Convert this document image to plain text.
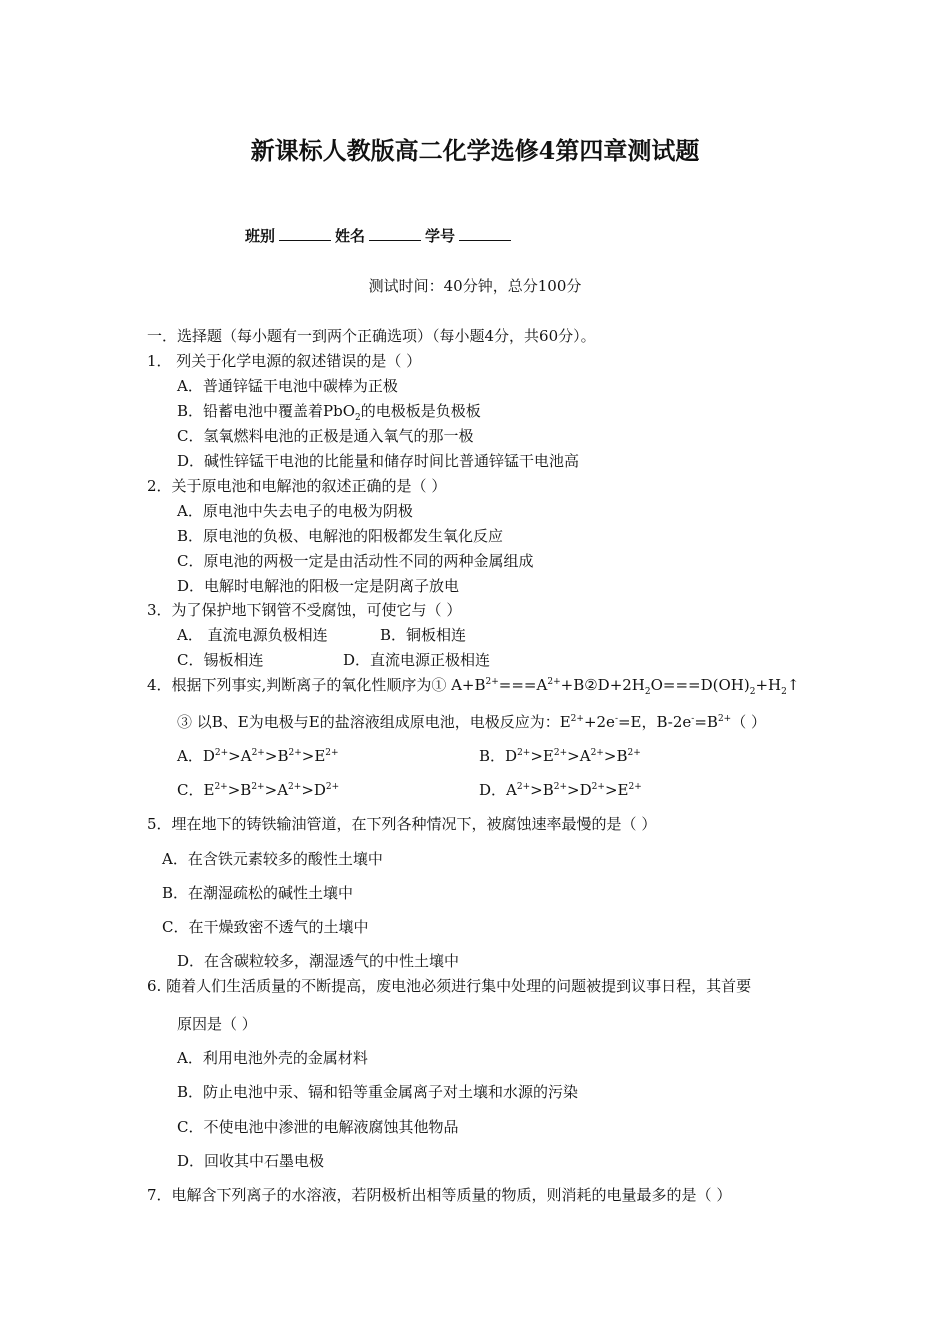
新课标人教版高二化学选修4第四章测试题
班别	姓名	学号
测试时间：40分钟，总分100分
一．选择题（每小题有一到两个正确选项）（每小题4分，共60分）。
1． 列关于化学电源的叙述错误的是（ ）
A．普通锌锰干电池中碳棒为正极
B．铅蓄电池中覆盖着PbO$_2$的电极板是负极板
C．氢氧燃料电池的正极是通入氧气的那一极
D．碱性锌锰干电池的比能量和储存时间比普通锌锰干电池高
2．关于原电池和电解池的叙述正确的是（ ）
A．原电池中失去电子的电极为阴极
B．原电池的负极、电解池的阳极都发生氧化反应
C．原电池的两极一定是由活动性不同的两种金属组成
D．电解时电解池的阳极一定是阴离子放电
3．为了保护地下钢管不受腐蚀，可使它与（ ）
A． 直流电源负极相连	B．铜板相连
C．锡板相连	D．直流电源正极相连
4．根据下列事实,判断离子的氧化性顺序为① $A+B^{2+}===A^{2+}+B②D+2H_2O===D(OH)_2+H_2↑$
③ 以B、E为电极与E的盐溶液组成原电池，电极反应为：$E^{2+}+2e^-=E$，$B-2e^-=B^{2+}$（ ）
A．$D^{2+}>A^{2+}>B^{2+}>E^{2+}$	B．$D^{2+}>E^{2+}>A^{2+}>B^{2+}$
C．$E^{2+}>B^{2+}>A^{2+}>D^{2+}$	D．$A^{2+}>B^{2+}>D^{2+}>E^{2+}$
5．埋在地下的铸铁输油管道，在下列各种情况下，被腐蚀速率最慢的是（ ）
A．在含铁元素较多的酸性土壤中
B．在潮湿疏松的碱性土壤中
C．在干燥致密不透气的土壤中
D．在含碳粒较多，潮湿透气的中性土壤中
6. 随着人们生活质量的不断提高，废电池必须进行集中处理的问题被提到议事日程，其首要
原因是（ ）
A．利用电池外壳的金属材料
B．防止电池中汞、镉和铅等重金属离子对土壤和水源的污染
C．不使电池中渗泄的电解液腐蚀其他物品
D．回收其中石墨电极
7．电解含下列离子的水溶液，若阴极析出相等质量的物质，则消耗的电量最多的是（ ）
